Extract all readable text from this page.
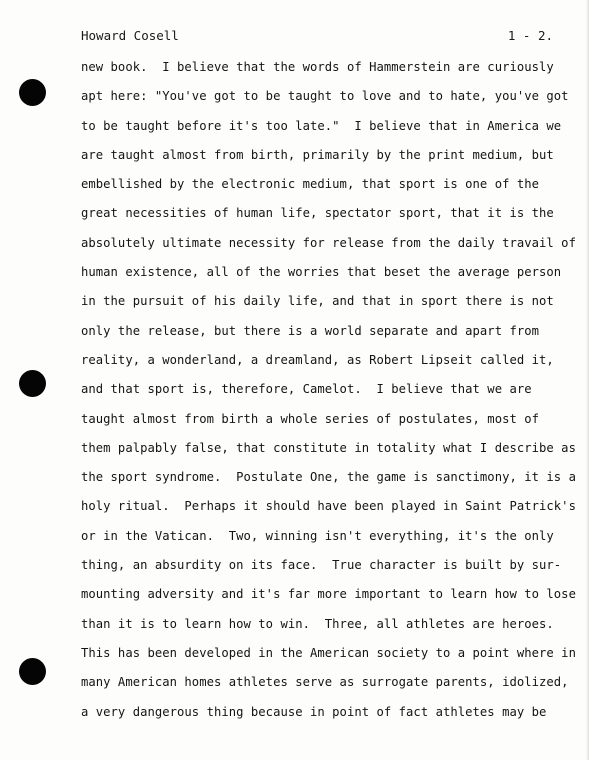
Howard Cosell	1 - 2.
new book.  I believe that the words of Hammerstein are curiously
apt here: "You've got to be taught to love and to hate, you've got
to be taught before it's too late."  I believe that in America we
are taught almost from birth, primarily by the print medium, but
embellished by the electronic medium, that sport is one of the
great necessities of human life, spectator sport, that it is the
absolutely ultimate necessity for release from the daily travail of
human existence, all of the worries that beset the average person
in the pursuit of his daily life, and that in sport there is not
only the release, but there is a world separate and apart from
reality, a wonderland, a dreamland, as Robert Lipseit called it,
and that sport is, therefore, Camelot.  I believe that we are
taught almost from birth a whole series of postulates, most of
them palpably false, that constitute in totality what I describe as
the sport syndrome.  Postulate One, the game is sanctimony, it is a
holy ritual.  Perhaps it should have been played in Saint Patrick's
or in the Vatican.  Two, winning isn't everything, it's the only
thing, an absurdity on its face.  True character is built by sur-
mounting adversity and it's far more important to learn how to lose
than it is to learn how to win.  Three, all athletes are heroes.
This has been developed in the American society to a point where in
many American homes athletes serve as surrogate parents, idolized,
a very dangerous thing because in point of fact athletes may be
